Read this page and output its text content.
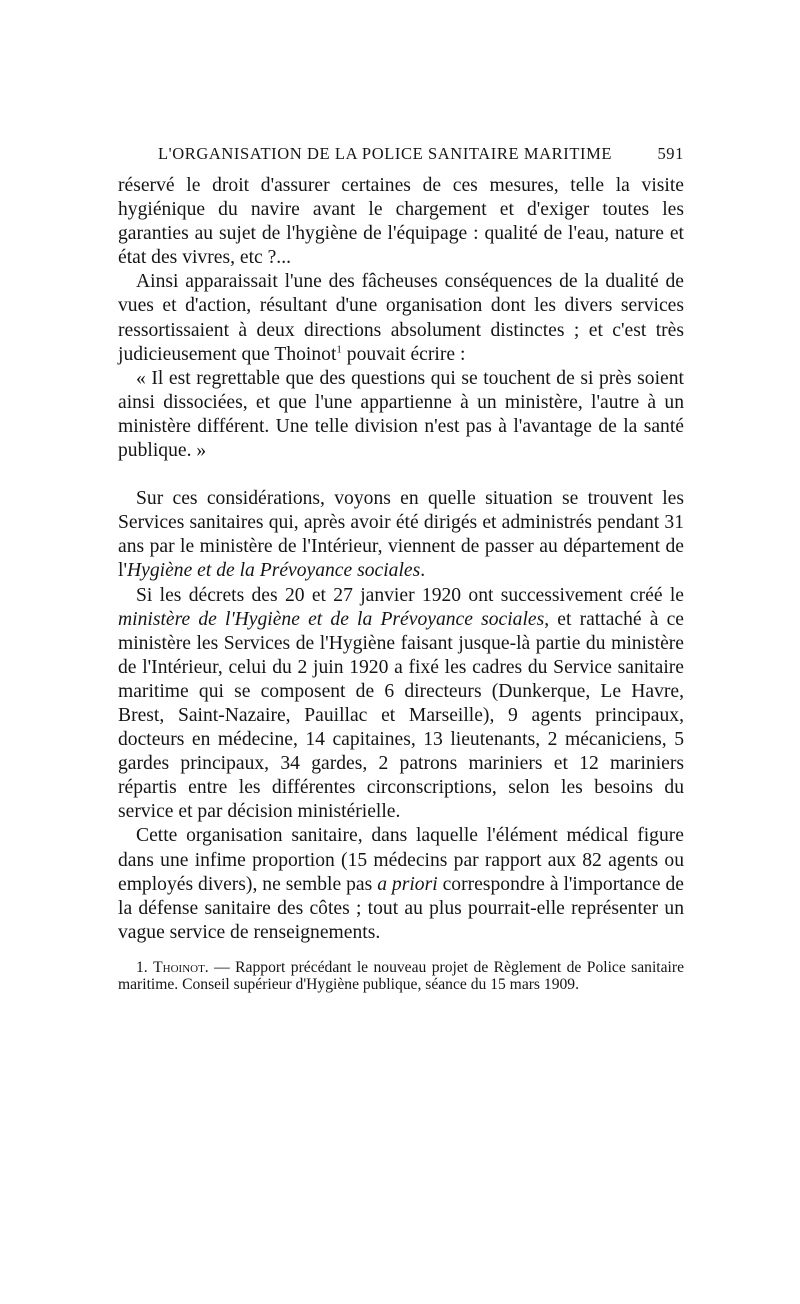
L'ORGANISATION DE LA POLICE SANITAIRE MARITIME	591

réservé le droit d'assurer certaines de ces mesures, telle la visite hygiénique du navire avant le chargement et d'exiger toutes les garanties au sujet de l'hygiène de l'équipage : qualité de l'eau, nature et état des vivres, etc ?...

Ainsi apparaissait l'une des fâcheuses conséquences de la dualité de vues et d'action, résultant d'une organisation dont les divers services ressortissaient à deux directions absolument distinctes ; et c'est très judicieusement que Thoinot$^1$ pouvait écrire :

« Il est regrettable que des questions qui se touchent de si près soient ainsi dissociées, et que l'une appartienne à un ministère, l'autre à un ministère différent. Une telle division n'est pas à l'avantage de la santé publique. »

Sur ces considérations, voyons en quelle situation se trouvent les Services sanitaires qui, après avoir été dirigés et administrés pendant 31 ans par le ministère de l'Intérieur, viennent de passer au département de l'Hygiène et de la Prévoyance sociales.

Si les décrets des 20 et 27 janvier 1920 ont successivement créé le ministère de l'Hygiène et de la Prévoyance sociales, et rattaché à ce ministère les Services de l'Hygiène faisant jusque-là partie du ministère de l'Intérieur, celui du 2 juin 1920 a fixé les cadres du Service sanitaire maritime qui se composent de 6 directeurs (Dunkerque, Le Havre, Brest, Saint-Nazaire, Pauillac et Marseille), 9 agents principaux, docteurs en médecine, 14 capitaines, 13 lieutenants, 2 mécaniciens, 5 gardes principaux, 34 gardes, 2 patrons mariniers et 12 mariniers répartis entre les différentes circonscriptions, selon les besoins du service et par décision ministérielle.

Cette organisation sanitaire, dans laquelle l'élément médical figure dans une infime proportion (15 médecins par rapport aux 82 agents ou employés divers), ne semble pas a priori correspondre à l'importance de la défense sanitaire des côtes ; tout au plus pourrait-elle représenter un vague service de renseignements.

1. Thoinot. — Rapport précédant le nouveau projet de Règlement de Police sanitaire maritime. Conseil supérieur d'Hygiène publique, séance du 15 mars 1909.
